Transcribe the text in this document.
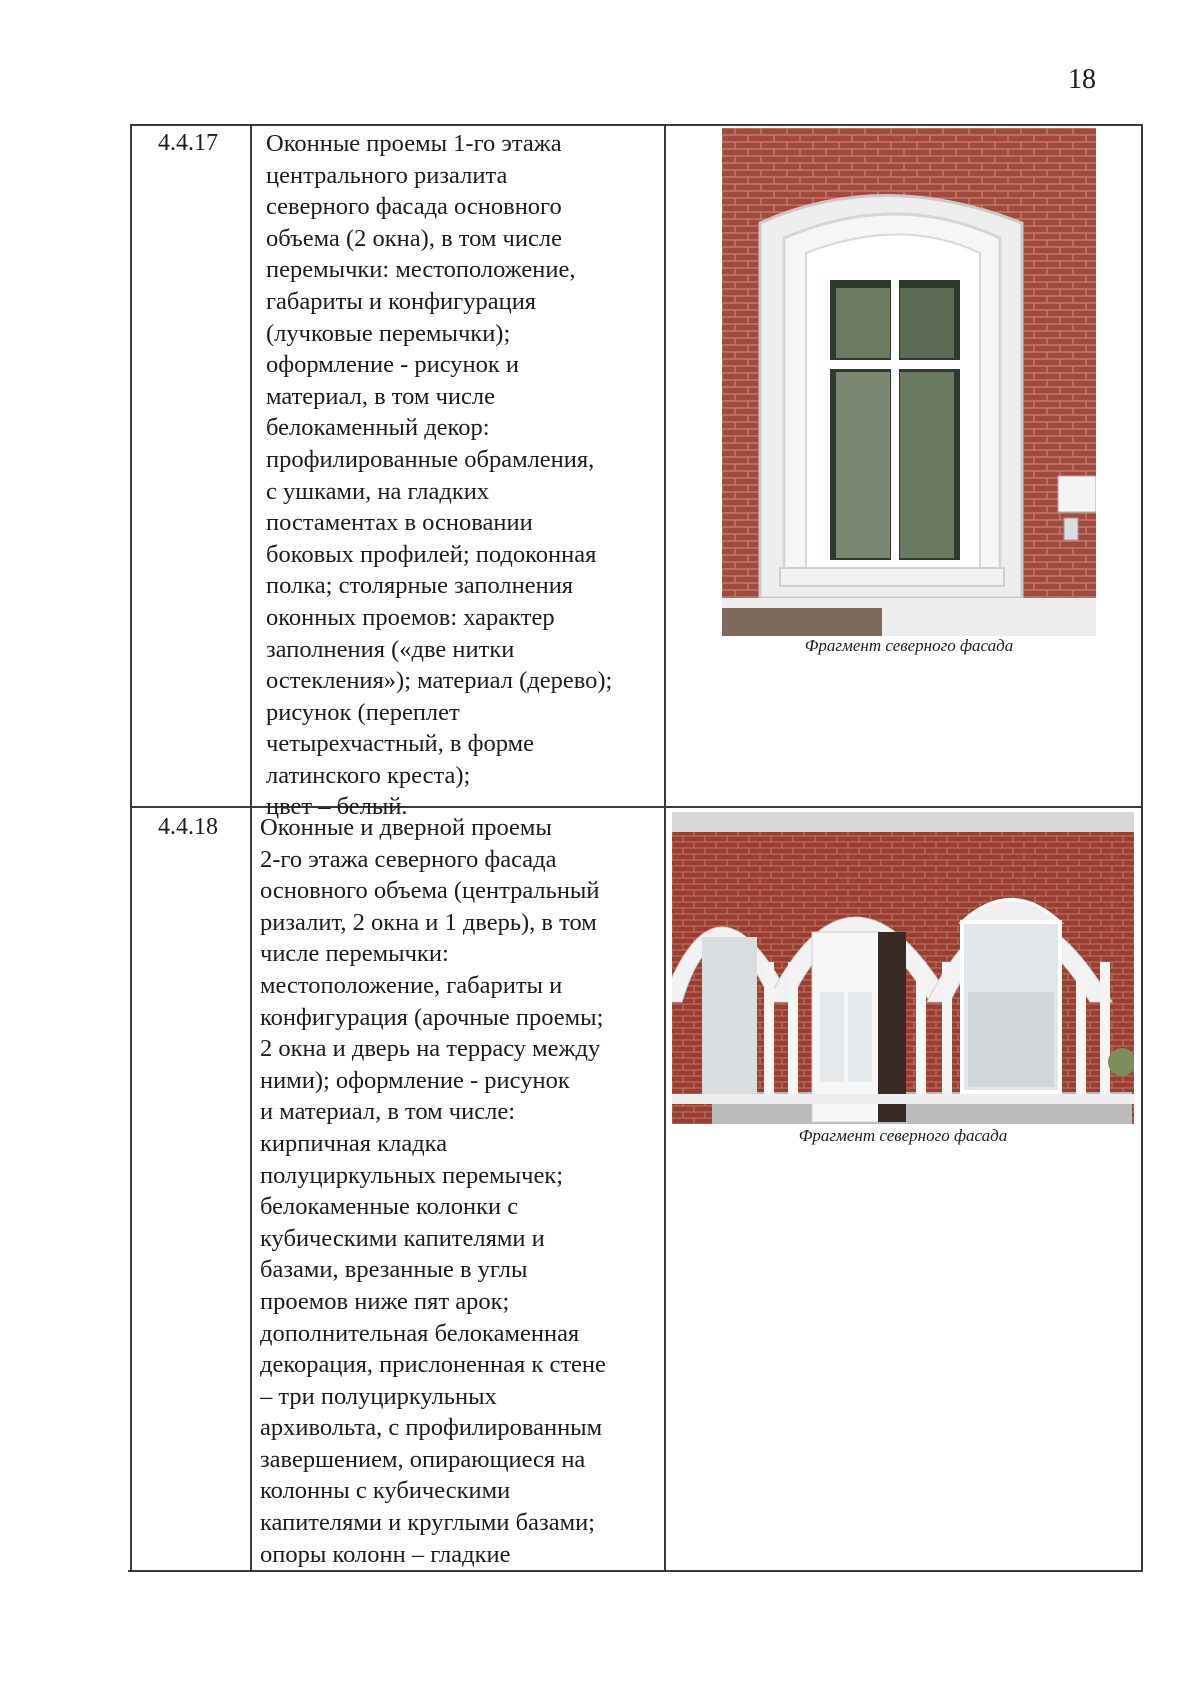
18
4.4.17 Оконные проемы 1-го этажа
центрального ризалита
северного фасада основного
объема (2 окна), в том числе
перемычки: местоположение,
габариты и конфигурация
(лучковые перемычки);
оформление - рисунок и
материал, в том числе
белокаменный декор:
профилированные обрамления,
с ушками, на гладких
постаментах в основании
боковых профилей; подоконная
полка; столярные заполнения
оконных проемов: характер
заполнения («две нитки
остекления»); материал (дерево);
рисунок (переплет
четырехчастный, в форме
латинского креста);
цвет – белый.
Фрагмент северного фасада
4.4.18 Оконные и дверной проемы
2-го этажа северного фасада
основного объема (центральный
ризалит, 2 окна и 1 дверь), в том
числе перемычки:
местоположение, габариты и
конфигурация (арочные проемы;
2 окна и дверь на террасу между
ними); оформление - рисунок
и материал, в том числе:
кирпичная кладка
полуциркульных перемычек;
белокаменные колонки с
кубическими капителями и
базами, врезанные в углы
проемов ниже пят арок;
дополнительная белокаменная
декорация, прислоненная к стене
– три полуциркульных
архивольта, с профилированным
завершением, опирающиеся на
колонны с кубическими
капителями и круглыми базами;
опоры колонн – гладкие
Фрагмент северного фасада
